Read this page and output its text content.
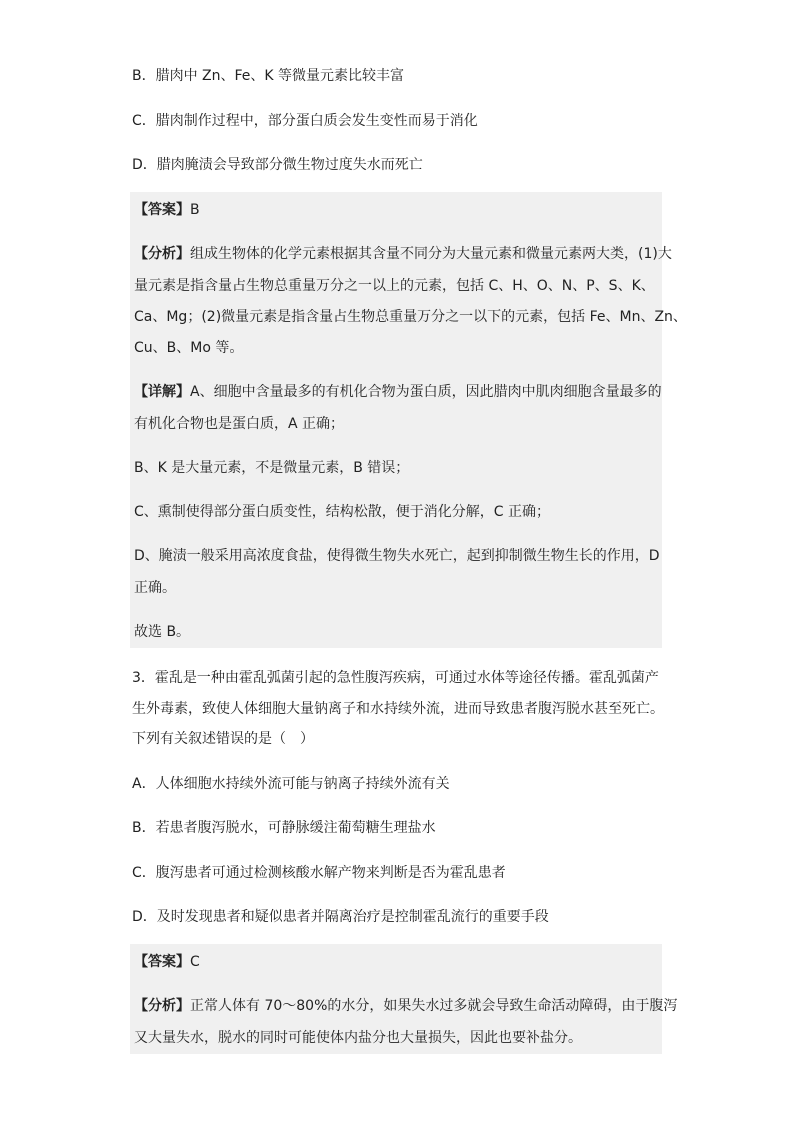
B．腊肉中 Zn、Fe、K 等微量元素比较丰富
C．腊肉制作过程中，部分蛋白质会发生变性而易于消化
D．腊肉腌渍会导致部分微生物过度失水而死亡
【答案】B
【分析】组成生物体的化学元素根据其含量不同分为大量元素和微量元素两大类，(1)大
量元素是指含量占生物总重量万分之一以上的元素，包括 C、H、O、N、P、S、K、
Ca、Mg；(2)微量元素是指含量占生物总重量万分之一以下的元素，包括 Fe、Mn、Zn、
Cu、B、Mo 等。
【详解】A、细胞中含量最多的有机化合物为蛋白质，因此腊肉中肌肉细胞含量最多的
有机化合物也是蛋白质，A 正确；
B、K 是大量元素，不是微量元素，B 错误；
C、熏制使得部分蛋白质变性，结构松散，便于消化分解，C 正确；
D、腌渍一般采用高浓度食盐，使得微生物失水死亡，起到抑制微生物生长的作用，D
正确。
故选 B。
3．霍乱是一种由霍乱弧菌引起的急性腹泻疾病，可通过水体等途径传播。霍乱弧菌产
生外毒素，致使人体细胞大量钠离子和水持续外流，进而导致患者腹泻脱水甚至死亡。
下列有关叙述错误的是（　）
A．人体细胞水持续外流可能与钠离子持续外流有关
B．若患者腹泻脱水，可静脉缓注葡萄糖生理盐水
C．腹泻患者可通过检测核酸水解产物来判断是否为霍乱患者
D．及时发现患者和疑似患者并隔离治疗是控制霍乱流行的重要手段
【答案】C
【分析】正常人体有 70～80%的水分，如果失水过多就会导致生命活动障碍，由于腹泻
又大量失水，脱水的同时可能使体内盐分也大量损失，因此也要补盐分。
